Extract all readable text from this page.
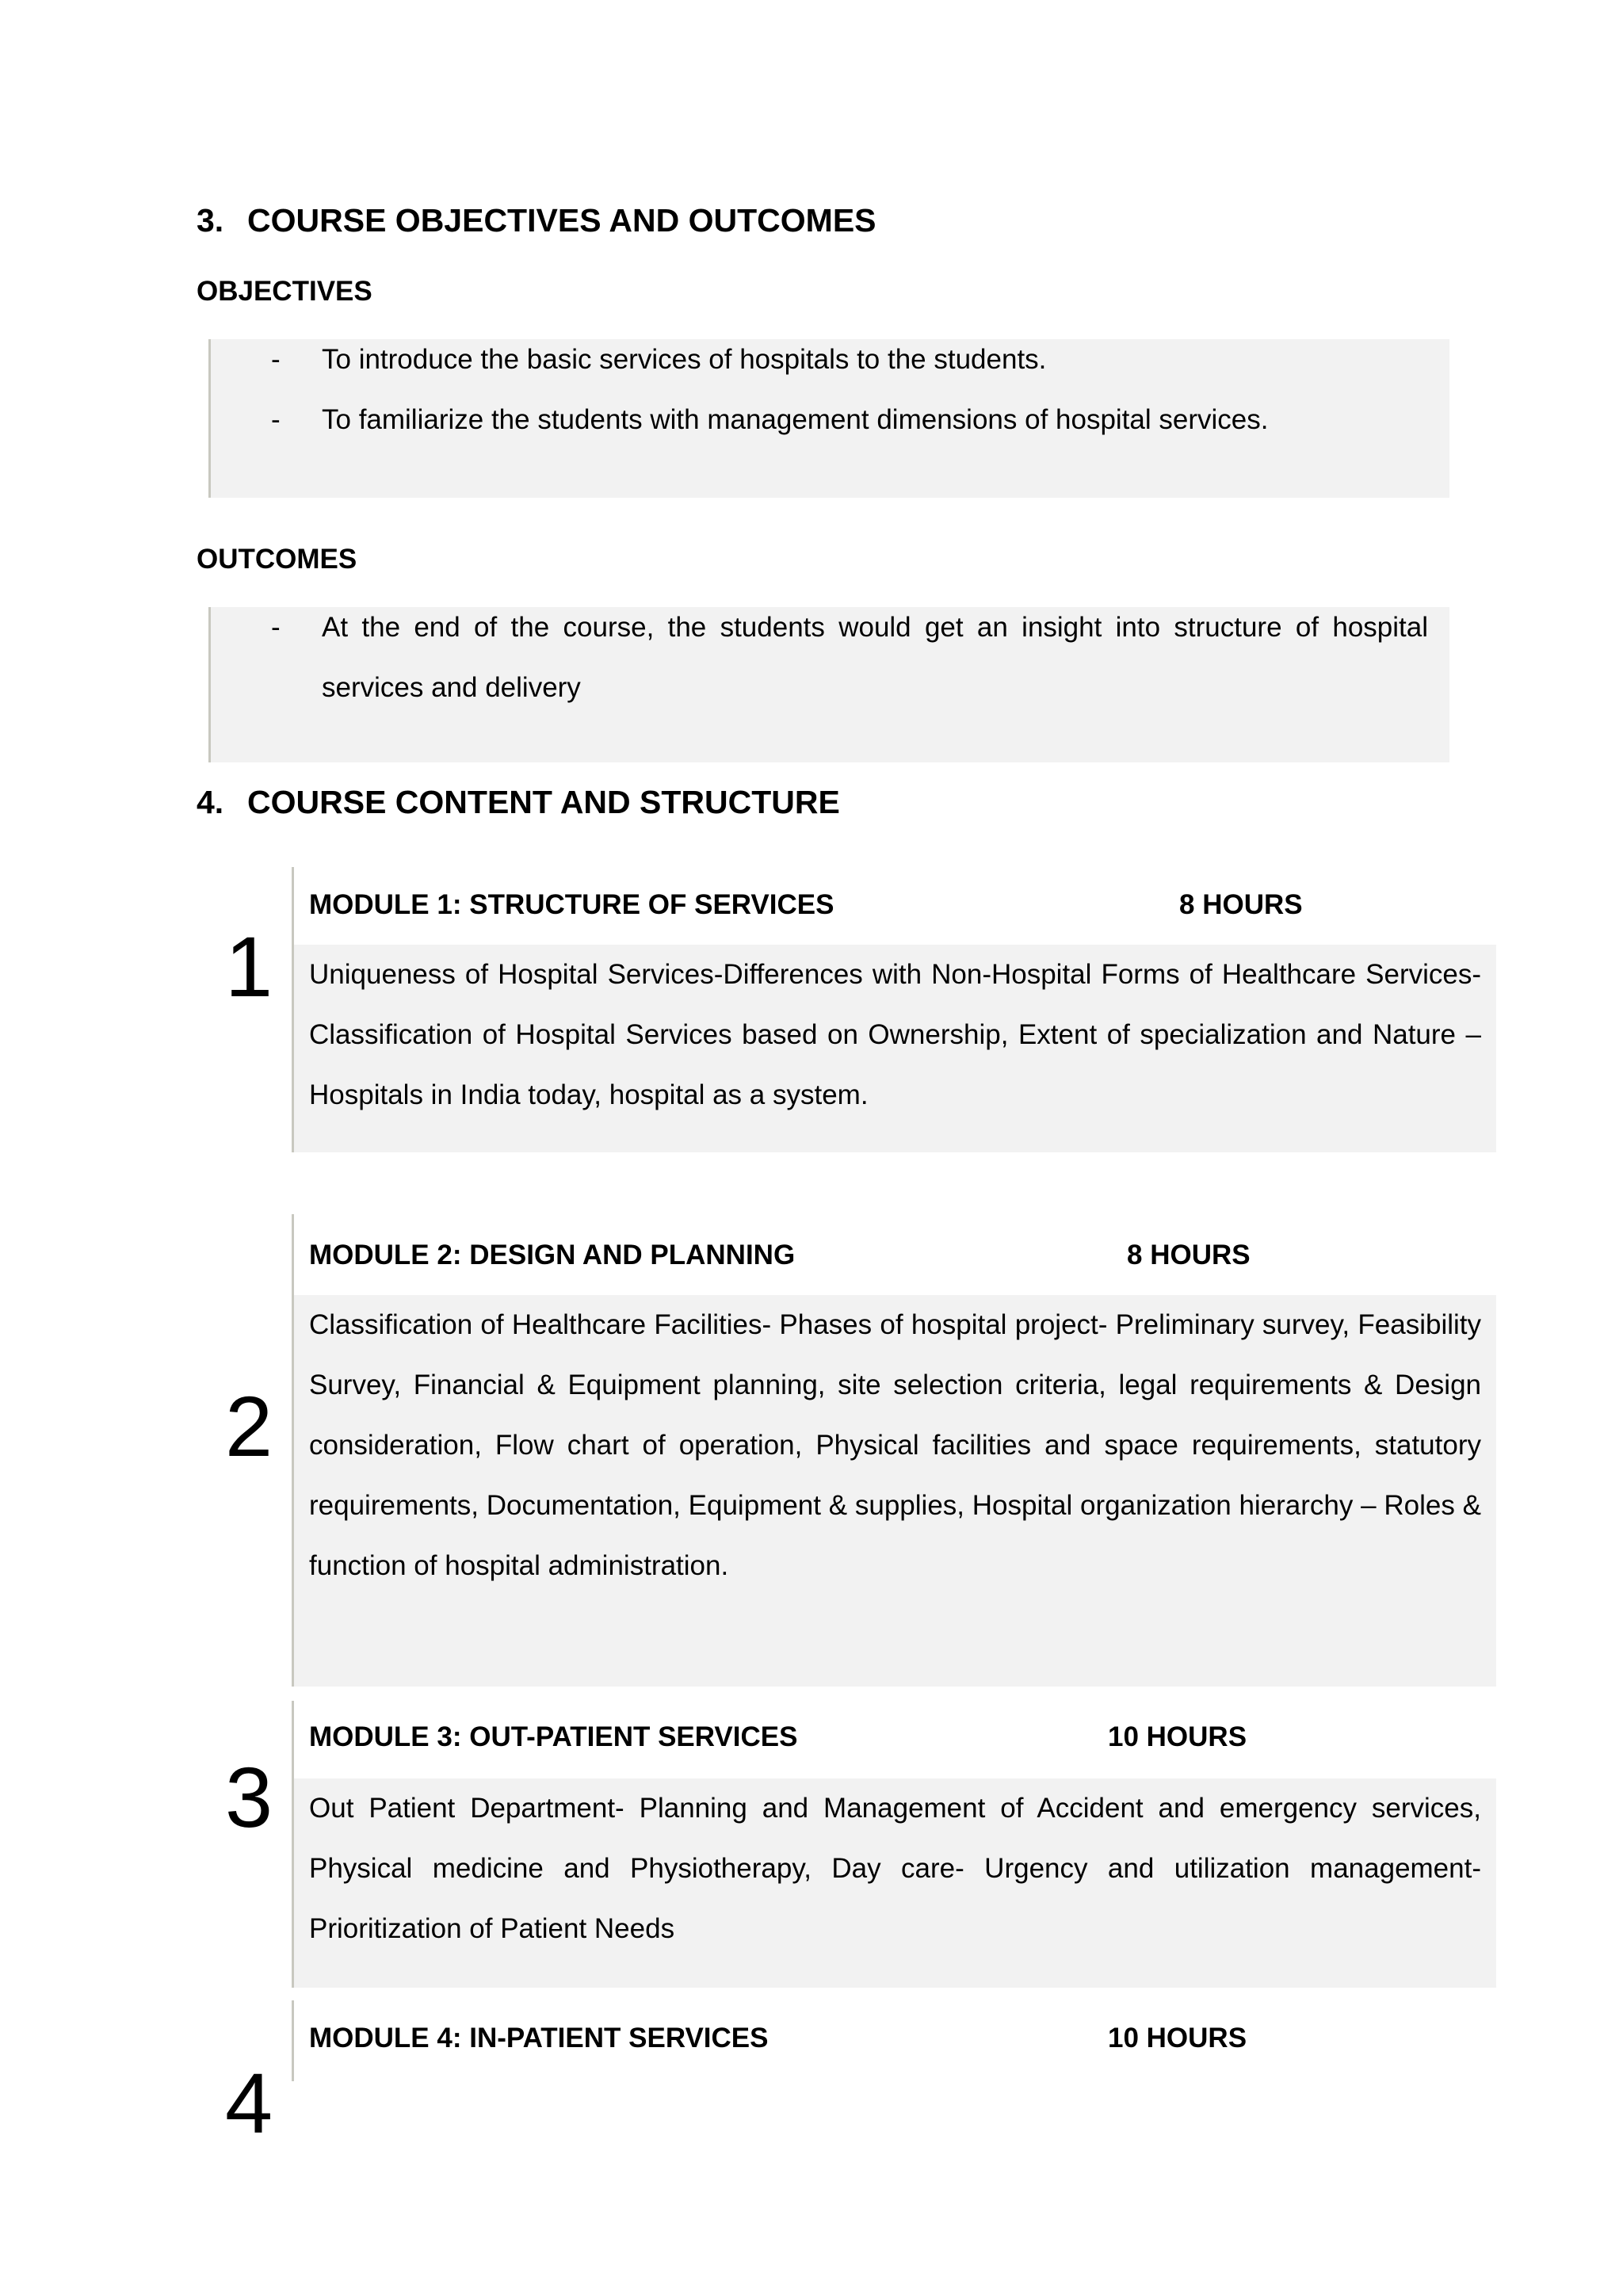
3. COURSE OBJECTIVES AND OUTCOMES
OBJECTIVES
- To introduce the basic services of hospitals to the students.
- To familiarize the students with management dimensions of hospital services.
OUTCOMES
- At the end of the course, the students would get an insight into structure of hospital services and delivery
4. COURSE CONTENT AND STRUCTURE
1
MODULE 1: STRUCTURE OF SERVICES	8 HOURS
Uniqueness of Hospital Services-Differences with Non-Hospital Forms of Healthcare Services-Classification of Hospital Services based on Ownership, Extent of specialization and Nature – Hospitals in India today, hospital as a system.
2
MODULE 2: DESIGN AND PLANNING	8 HOURS
Classification of Healthcare Facilities- Phases of hospital project- Preliminary survey, Feasibility Survey, Financial & Equipment planning, site selection criteria, legal requirements & Design consideration, Flow chart of operation, Physical facilities and space requirements, statutory requirements, Documentation, Equipment & supplies, Hospital organization hierarchy – Roles & function of hospital administration.
3
MODULE 3: OUT-PATIENT SERVICES	10 HOURS
Out Patient Department- Planning and Management of Accident and emergency services, Physical medicine and Physiotherapy, Day care- Urgency and utilization management- Prioritization of Patient Needs
4
MODULE 4: IN-PATIENT SERVICES	10 HOURS
